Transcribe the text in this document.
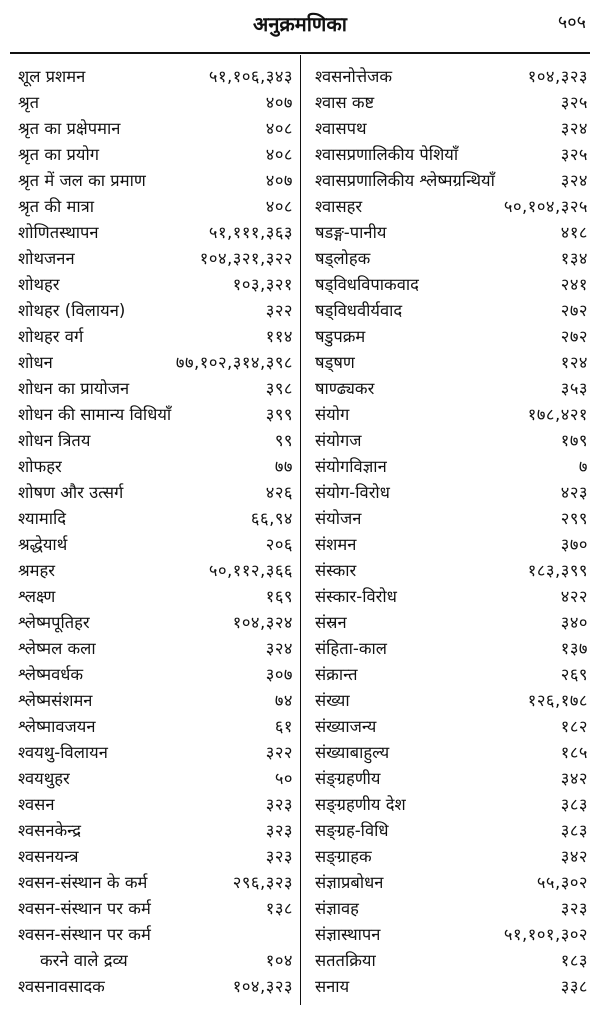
अनुक्रमणिका	५०५
शूल प्रशमन	५१,१०६,३४३
श्रृत	४०७
श्रृत का प्रक्षेपमान	४०८
श्रृत का प्रयोग	४०८
श्रृत में जल का प्रमाण	४०७
श्रृत की मात्रा	४०८
शोणितस्थापन	५१,१११,३६३
शोथजनन	१०४,३२१,३२२
शोथहर	१०३,३२१
शोथहर (विलायन)	३२२
शोथहर वर्ग	११४
शोधन	७७,१०२,३१४,३९८
शोधन का प्रायोजन	३९८
शोधन की सामान्य विधियाँ	३९९
शोधन त्रितय	९९
शोफहर	७७
शोषण और उत्सर्ग	४२६
श्यामादि	६६,९४
श्रद्धेयार्थ	२०६
श्रमहर	५०,११२,३६६
श्लक्ष्ण	१६९
श्लेष्मपूतिहर	१०४,३२४
श्लेष्मल कला	३२४
श्लेष्मवर्धक	३०७
श्लेष्मसंशमन	७४
श्लेष्मावजयन	६१
श्वयथु-विलायन	३२२
श्वयथुहर	५०
श्वसन	३२३
श्वसनकेन्द्र	३२३
श्वसनयन्त्र	३२३
श्वसन-संस्थान के कर्म	२९६,३२३
श्वसन-संस्थान पर कर्म	१३८
श्वसन-संस्थान पर कर्म
करने वाले द्रव्य	१०४
श्वसनावसादक	१०४,३२३
श्वसनोत्तेजक	१०४,३२३
श्वास कष्ट	३२५
श्वासपथ	३२४
श्वासप्रणालिकीय पेशियाँ	३२५
श्वासप्रणालिकीय श्लेष्मग्रन्थियाँ	३२४
श्वासहर	५०,१०४,३२५
षडङ्ग-पानीय	४१८
षड्लोहक	१३४
षड्विधविपाकवाद	२४१
षड्विधवीर्यवाद	२७२
षडुपक्रम	२७२
षड्षण	१२४
षाण्ढ्यकर	३५३
संयोग	१७८,४२१
संयोगज	१७९
संयोगविज्ञान	७
संयोग-विरोध	४२३
संयोजन	२९९
संशमन	३७०
संस्कार	१८३,३९९
संस्कार-विरोध	४२२
संस्रन	३४०
संहिता-काल	१३७
संक्रान्त	२६९
संख्या	१२६,१७८
संख्याजन्य	१८२
संख्याबाहुल्य	१८५
संङ्ग्रहणीय	३४२
सङ्ग्रहणीय देश	३८३
सङ्ग्रह-विधि	३८३
सङ्ग्राहक	३४२
संज्ञाप्रबोधन	५५,३०२
संज्ञावह	३२३
संज्ञास्थापन	५१,१०१,३०२
सततक्रिया	१८३
सनाय	३३८
